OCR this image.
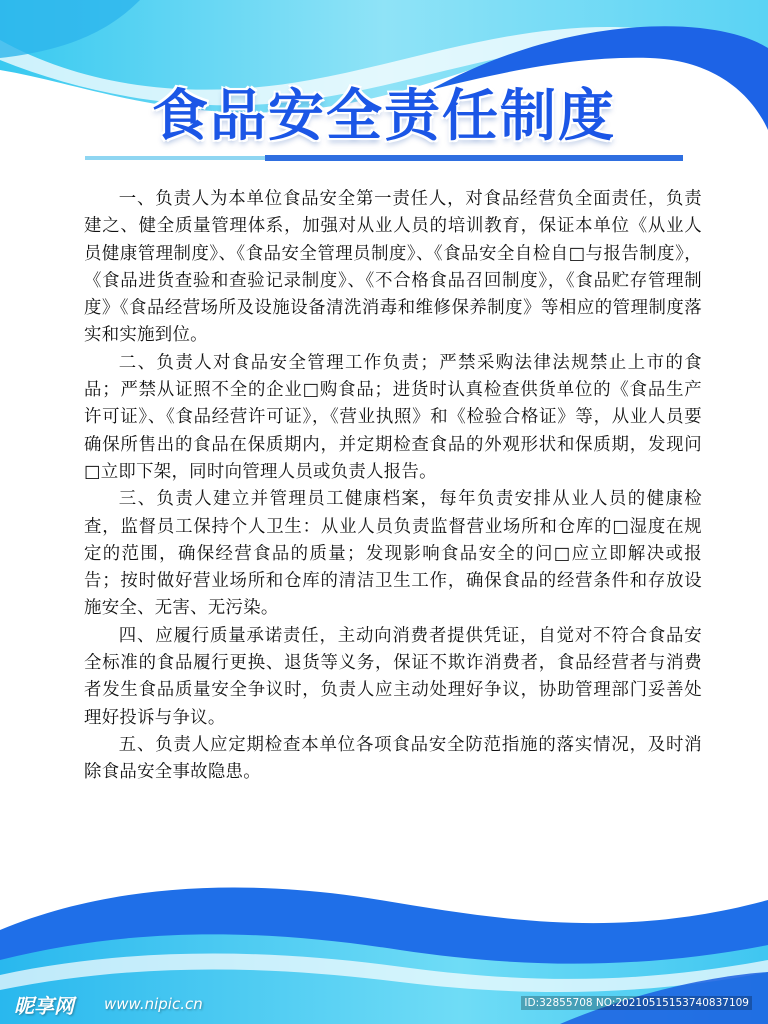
食品安全责任制度

一、负责人为本单位食品安全第一责任人，对食品经营负全面责任，负责建之、健全质量管理体系，加强对从业人员的培训教育，保证本单位《从业人员健康管理制度》、《食品安全管理员制度》、《食品安全自检自□与报告制度》，《食品进货查验和查验记录制度》、《不合格食品召回制度》，《食品贮存管理制度》《食品经营场所及设施设备清洗消毒和维修保养制度》等相应的管理制度落实和实施到位。

二、负责人对食品安全管理工作负责；严禁采购法律法规禁止上市的食品；严禁从证照不全的企业□购食品；进货时认真检查供货单位的《食品生产许可证》、《食品经营许可证》，《营业执照》和《检验合格证》等，从业人员要确保所售出的食品在保质期内，并定期检查食品的外观形状和保质期，发现问□立即下架，同时向管理人员或负责人报告。

三、负责人建立并管理员工健康档案，每年负责安排从业人员的健康检查，监督员工保持个人卫生：从业人员负责监督营业场所和仓库的□湿度在规定的范围，确保经营食品的质量；发现影响食品安全的问□应立即解决或报告；按时做好营业场所和仓库的清洁卫生工作，确保食品的经营条件和存放设施安全、无害、无污染。

四、应履行质量承诺责任，主动向消费者提供凭证，自觉对不符合食品安全标准的食品履行更换、退货等义务，保证不欺诈消费者，食品经营者与消费者发生食品质量安全争议时，负责人应主动处理好争议，协助管理部门妥善处理好投诉与争议。

五、负责人应定期检查本单位各项食品安全防范指施的落实情况，及时消除食品安全事故隐患。

昵享网 www.nipic.cn	ID:32855708 NO:20210515153740837109
